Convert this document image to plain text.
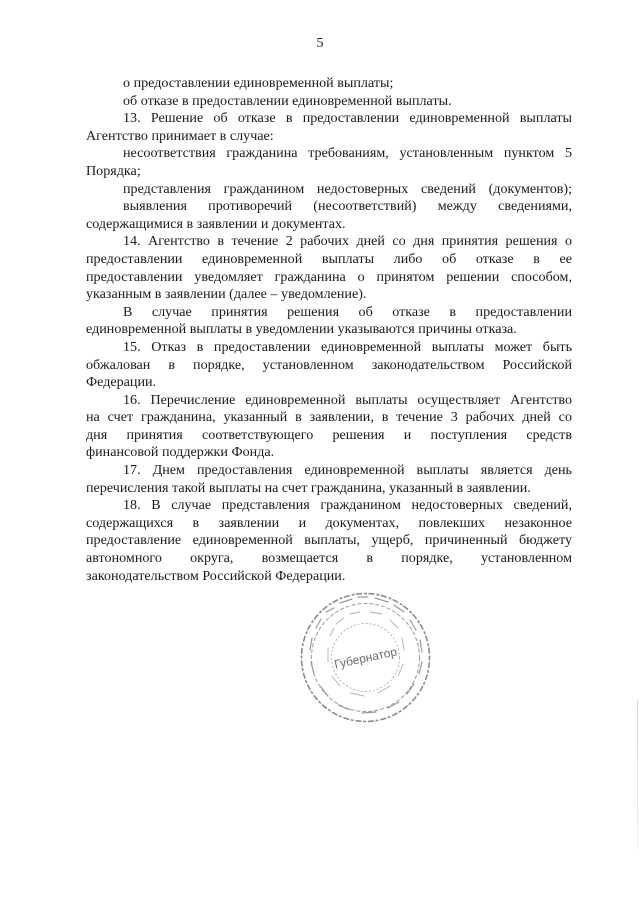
5
о предоставлении единовременной выплаты;
об отказе в предоставлении единовременной выплаты.
13. Решение об отказе в предоставлении единовременной выплаты
Агентство принимает в случае:
несоответствия гражданина требованиям, установленным пунктом 5
Порядка;
представления гражданином недостоверных сведений (документов);
выявления противоречий (несоответствий) между сведениями,
содержащимися в заявлении и документах.
14. Агентство в течение 2 рабочих дней со дня принятия решения о
предоставлении единовременной выплаты либо об отказе в ее
предоставлении уведомляет гражданина о принятом решении способом,
указанным в заявлении (далее – уведомление).
В случае принятия решения об отказе в предоставлении
единовременной выплаты в уведомлении указываются причины отказа.
15. Отказ в предоставлении единовременной выплаты может быть
обжалован в порядке, установленном законодательством Российской
Федерации.
16. Перечисление единовременной выплаты осуществляет Агентство
на счет гражданина, указанный в заявлении, в течение 3 рабочих дней со
дня принятия соответствующего решения и поступления средств
финансовой поддержки Фонда.
17. Днем предоставления единовременной выплаты является день
перечисления такой выплаты на счет гражданина, указанный в заявлении.
18. В случае представления гражданином недостоверных сведений,
содержащихся в заявлении и документах, повлекших незаконное
предоставление единовременной выплаты, ущерб, причиненный бюджету
автономного округа, возмещается в порядке, установленном
законодательством Российской Федерации.
Губернатор
